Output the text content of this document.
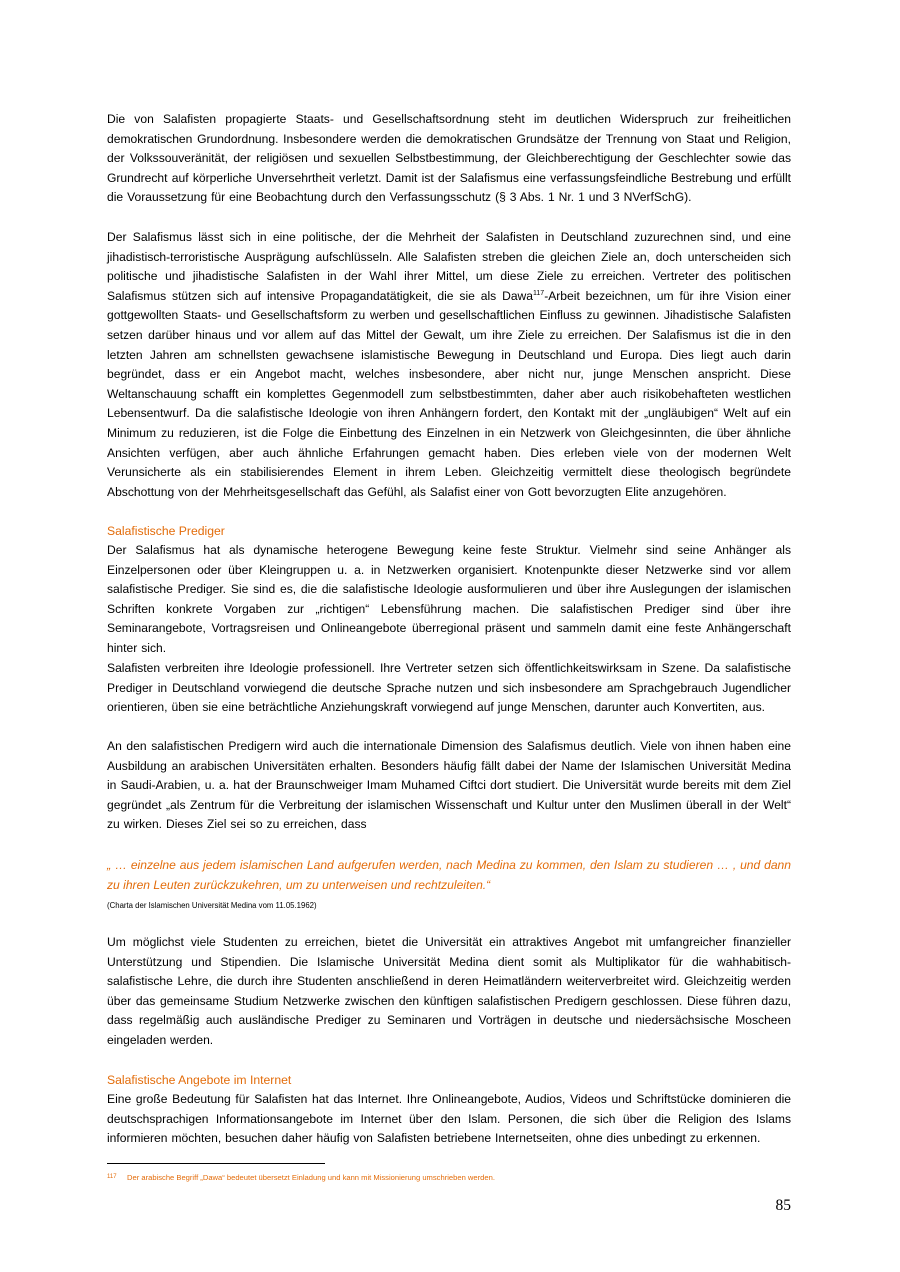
Die von Salafisten propagierte Staats- und Gesellschaftsordnung steht im deutlichen Widerspruch zur freiheitlichen demokratischen Grundordnung. Insbesondere werden die demokratischen Grundsätze der Trennung von Staat und Religion, der Volkssouveränität, der religiösen und sexuellen Selbstbestimmung, der Gleichberechtigung der Geschlechter sowie das Grundrecht auf körperliche Unversehrtheit verletzt. Damit ist der Salafismus eine verfassungsfeindliche Bestrebung und erfüllt die Voraussetzung für eine Beobachtung durch den Verfassungsschutz (§ 3 Abs. 1 Nr. 1 und 3 NVerfSchG).

Der Salafismus lässt sich in eine politische, der die Mehrheit der Salafisten in Deutschland zuzurechnen sind, und eine jihadistisch-terroristische Ausprägung aufschlüsseln. Alle Salafisten streben die gleichen Ziele an, doch unterscheiden sich politische und jihadistische Salafisten in der Wahl ihrer Mittel, um diese Ziele zu erreichen. Vertreter des politischen Salafismus stützen sich auf intensive Propagandatätigkeit, die sie als Dawa$^{117}$-Arbeit bezeichnen, um für ihre Vision einer gottgewollten Staats- und Gesellschaftsform zu werben und gesellschaftlichen Einfluss zu gewinnen. Jihadistische Salafisten setzen darüber hinaus und vor allem auf das Mittel der Gewalt, um ihre Ziele zu erreichen. Der Salafismus ist die in den letzten Jahren am schnellsten gewachsene islamistische Bewegung in Deutschland und Europa. Dies liegt auch darin begründet, dass er ein Angebot macht, welches insbesondere, aber nicht nur, junge Menschen anspricht. Diese Weltanschauung schafft ein komplettes Gegenmodell zum selbstbestimmten, daher aber auch risikobehafteten westlichen Lebensentwurf. Da die salafistische Ideologie von ihren Anhängern fordert, den Kontakt mit der „ungläubigen“ Welt auf ein Minimum zu reduzieren, ist die Folge die Einbettung des Einzelnen in ein Netzwerk von Gleichgesinnten, die über ähnliche Ansichten verfügen, aber auch ähnliche Erfahrungen gemacht haben. Dies erleben viele von der modernen Welt Verunsicherte als ein stabilisierendes Element in ihrem Leben. Gleichzeitig vermittelt diese theologisch begründete Abschottung von der Mehrheitsgesellschaft das Gefühl, als Salafist einer von Gott bevorzugten Elite anzugehören.

Salafistische Prediger

Der Salafismus hat als dynamische heterogene Bewegung keine feste Struktur. Vielmehr sind seine Anhänger als Einzelpersonen oder über Kleingruppen u. a. in Netzwerken organisiert. Knotenpunkte dieser Netzwerke sind vor allem salafistische Prediger. Sie sind es, die die salafistische Ideologie ausformulieren und über ihre Auslegungen der islamischen Schriften konkrete Vorgaben zur „richtigen“ Lebensführung machen. Die salafistischen Prediger sind über ihre Seminarangebote, Vortragsreisen und Onlineangebote überregional präsent und sammeln damit eine feste Anhängerschaft hinter sich.

Salafisten verbreiten ihre Ideologie professionell. Ihre Vertreter setzen sich öffentlichkeitswirksam in Szene. Da salafistische Prediger in Deutschland vorwiegend die deutsche Sprache nutzen und sich insbesondere am Sprachgebrauch Jugendlicher orientieren, üben sie eine beträchtliche Anziehungskraft vorwiegend auf junge Menschen, darunter auch Konvertiten, aus.

An den salafistischen Predigern wird auch die internationale Dimension des Salafismus deutlich. Viele von ihnen haben eine Ausbildung an arabischen Universitäten erhalten. Besonders häufig fällt dabei der Name der Islamischen Universität Medina in Saudi-Arabien, u. a. hat der Braunschweiger Imam Muhamed Ciftci dort studiert. Die Universität wurde bereits mit dem Ziel gegründet „als Zentrum für die Verbreitung der islamischen Wissenschaft und Kultur unter den Muslimen überall in der Welt“ zu wirken. Dieses Ziel sei so zu erreichen, dass

„ … einzelne aus jedem islamischen Land aufgerufen werden, nach Medina zu kommen, den Islam zu studieren … , und dann zu ihren Leuten zurückzukehren, um zu unterweisen und rechtzuleiten.“

(Charta der Islamischen Universität Medina vom 11.05.1962)

Um möglichst viele Studenten zu erreichen, bietet die Universität ein attraktives Angebot mit umfangreicher finanzieller Unterstützung und Stipendien. Die Islamische Universität Medina dient somit als Multiplikator für die wahhabitisch-salafistische Lehre, die durch ihre Studenten anschließend in deren Heimatländern weiterverbreitet wird. Gleichzeitig werden über das gemeinsame Studium Netzwerke zwischen den künftigen salafistischen Predigern geschlossen. Diese führen dazu, dass regelmäßig auch ausländische Prediger zu Seminaren und Vorträgen in deutsche und niedersächsische Moscheen eingeladen werden.

Salafistische Angebote im Internet

Eine große Bedeutung für Salafisten hat das Internet. Ihre Onlineangebote, Audios, Videos und Schriftstücke dominieren die deutschsprachigen Informationsangebote im Internet über den Islam. Personen, die sich über die Religion des Islams informieren möchten, besuchen daher häufig von Salafisten betriebene Internetseiten, ohne dies unbedingt zu erkennen.

117 Der arabische Begriff „Dawa“ bedeutet übersetzt Einladung und kann mit Missionierung umschrieben werden.

85
